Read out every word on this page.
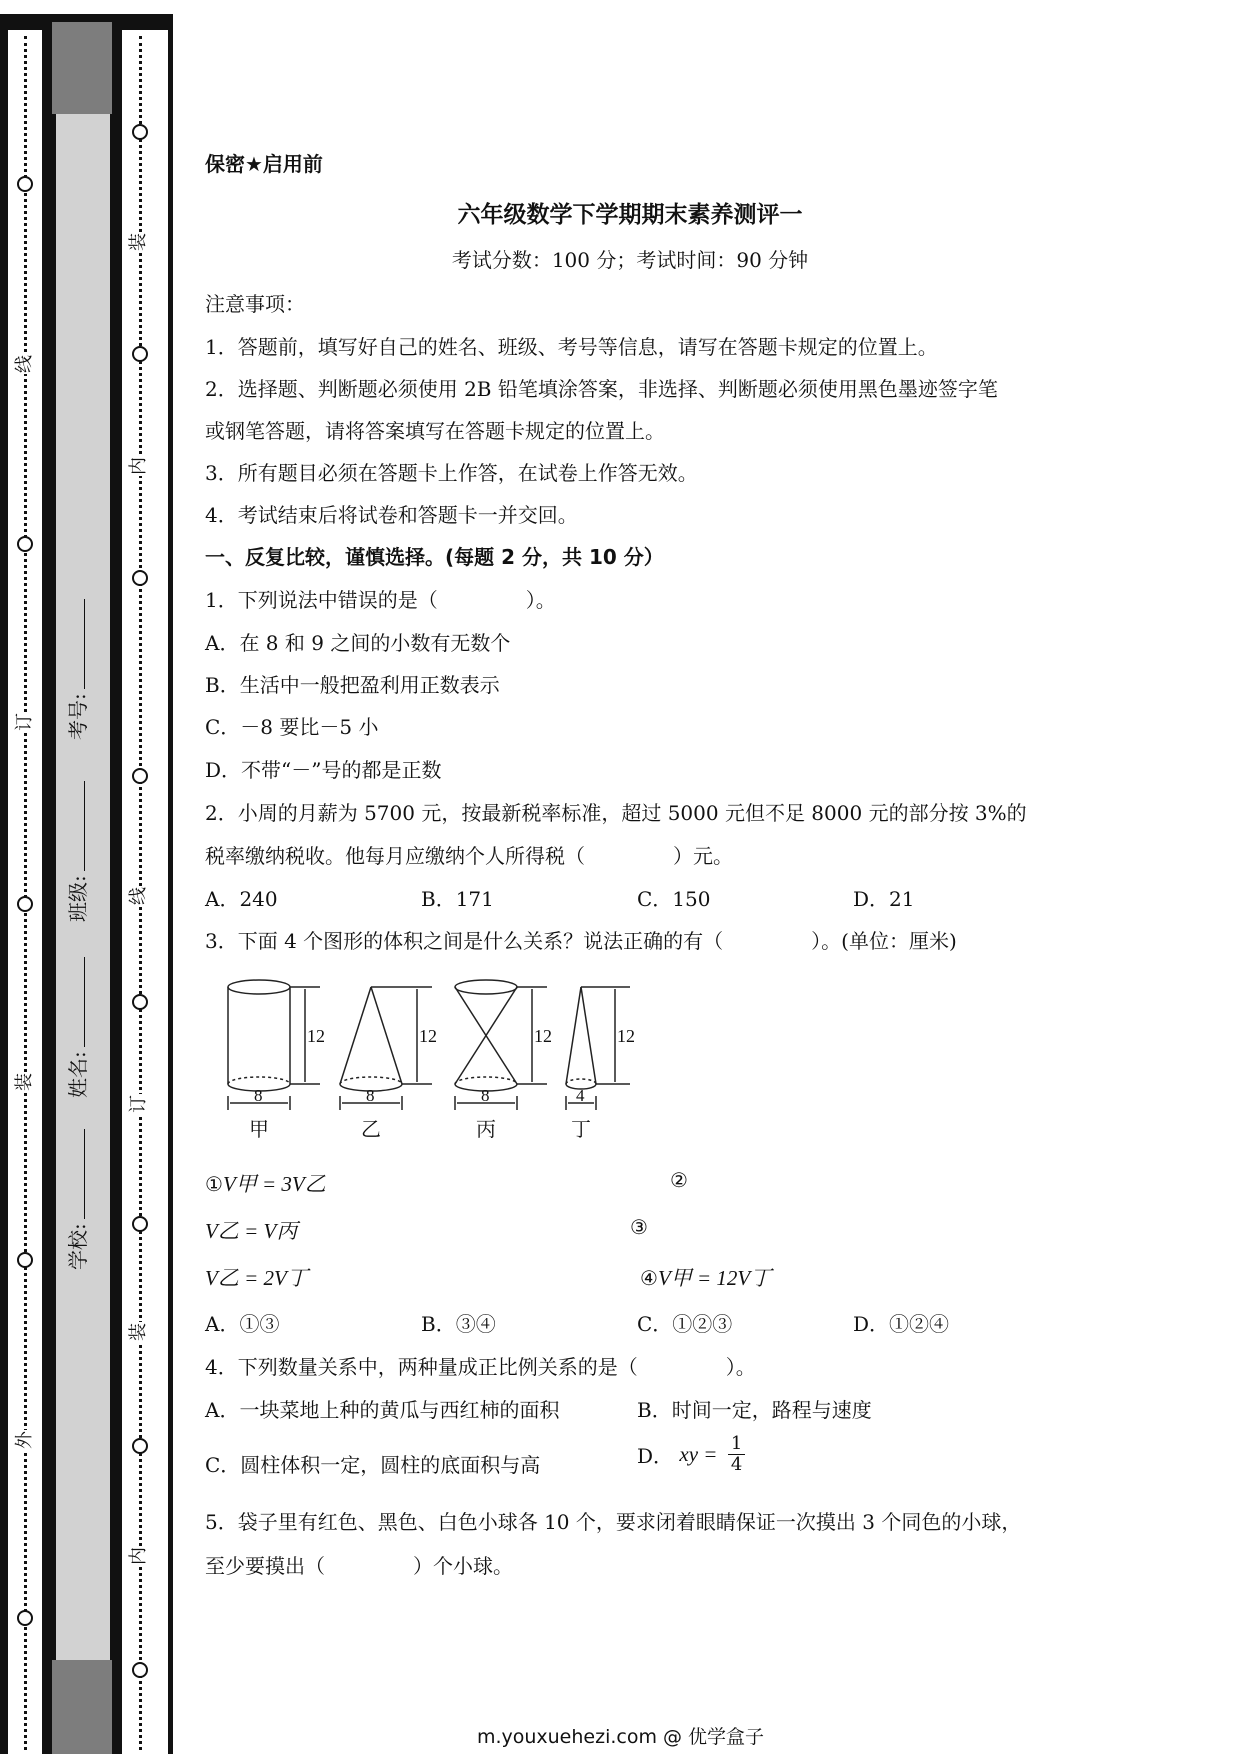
线
订
装
外
装
内
线
订
装
内
考号:
班级:
姓名:
学校:
保密★启用前
六年级数学下学期期末素养测评一
考试分数：100 分；考试时间：90 分钟
注意事项：
1．答题前，填写好自己的姓名、班级、考号等信息，请写在答题卡规定的位置上。
2．选择题、判断题必须使用 2B 铅笔填涂答案，非选择、判断题必须使用黑色墨迹签字笔
或钢笔答题，请将答案填写在答题卡规定的位置上。
3．所有题目必须在答题卡上作答，在试卷上作答无效。
4．考试结束后将试卷和答题卡一并交回。
一、反复比较，谨慎选择。(每题 2 分，共 10 分）
1．下列说法中错误的是（	）。
A．在 8 和 9 之间的小数有无数个
B．生活中一般把盈利用正数表示
C．－8 要比－5 小
D．不带“－”号的都是正数
2．小周的月薪为 5700 元，按最新税率标准，超过 5000 元但不足 8000 元的部分按 3%的
税率缴纳税收。他每月应缴纳个人所得税（	）元。
A．240	B．171	C．150	D．21
3．下面 4 个图形的体积之间是什么关系？说法正确的有（	）。(单位：厘米)
12	12	12	12
8	8	8	4
甲	乙	丙	丁
①V甲 = 3V乙	②
V乙 = V丙	③
V乙 = 2V丁	④V甲 = 12V丁
A．①③	B．③④	C．①②③	D．①②④
4．下列数量关系中，两种量成正比例关系的是（	）。
A．一块菜地上种的黄瓜与西红柿的面积	B．时间一定，路程与速度
C．圆柱体积一定，圆柱的底面积与高	D． xy = $\frac{1}{4}$
5．袋子里有红色、黑色、白色小球各 10 个，要求闭着眼睛保证一次摸出 3 个同色的小球，
至少要摸出（	）个小球。
m.youxuehezi.com @ 优学盒子
